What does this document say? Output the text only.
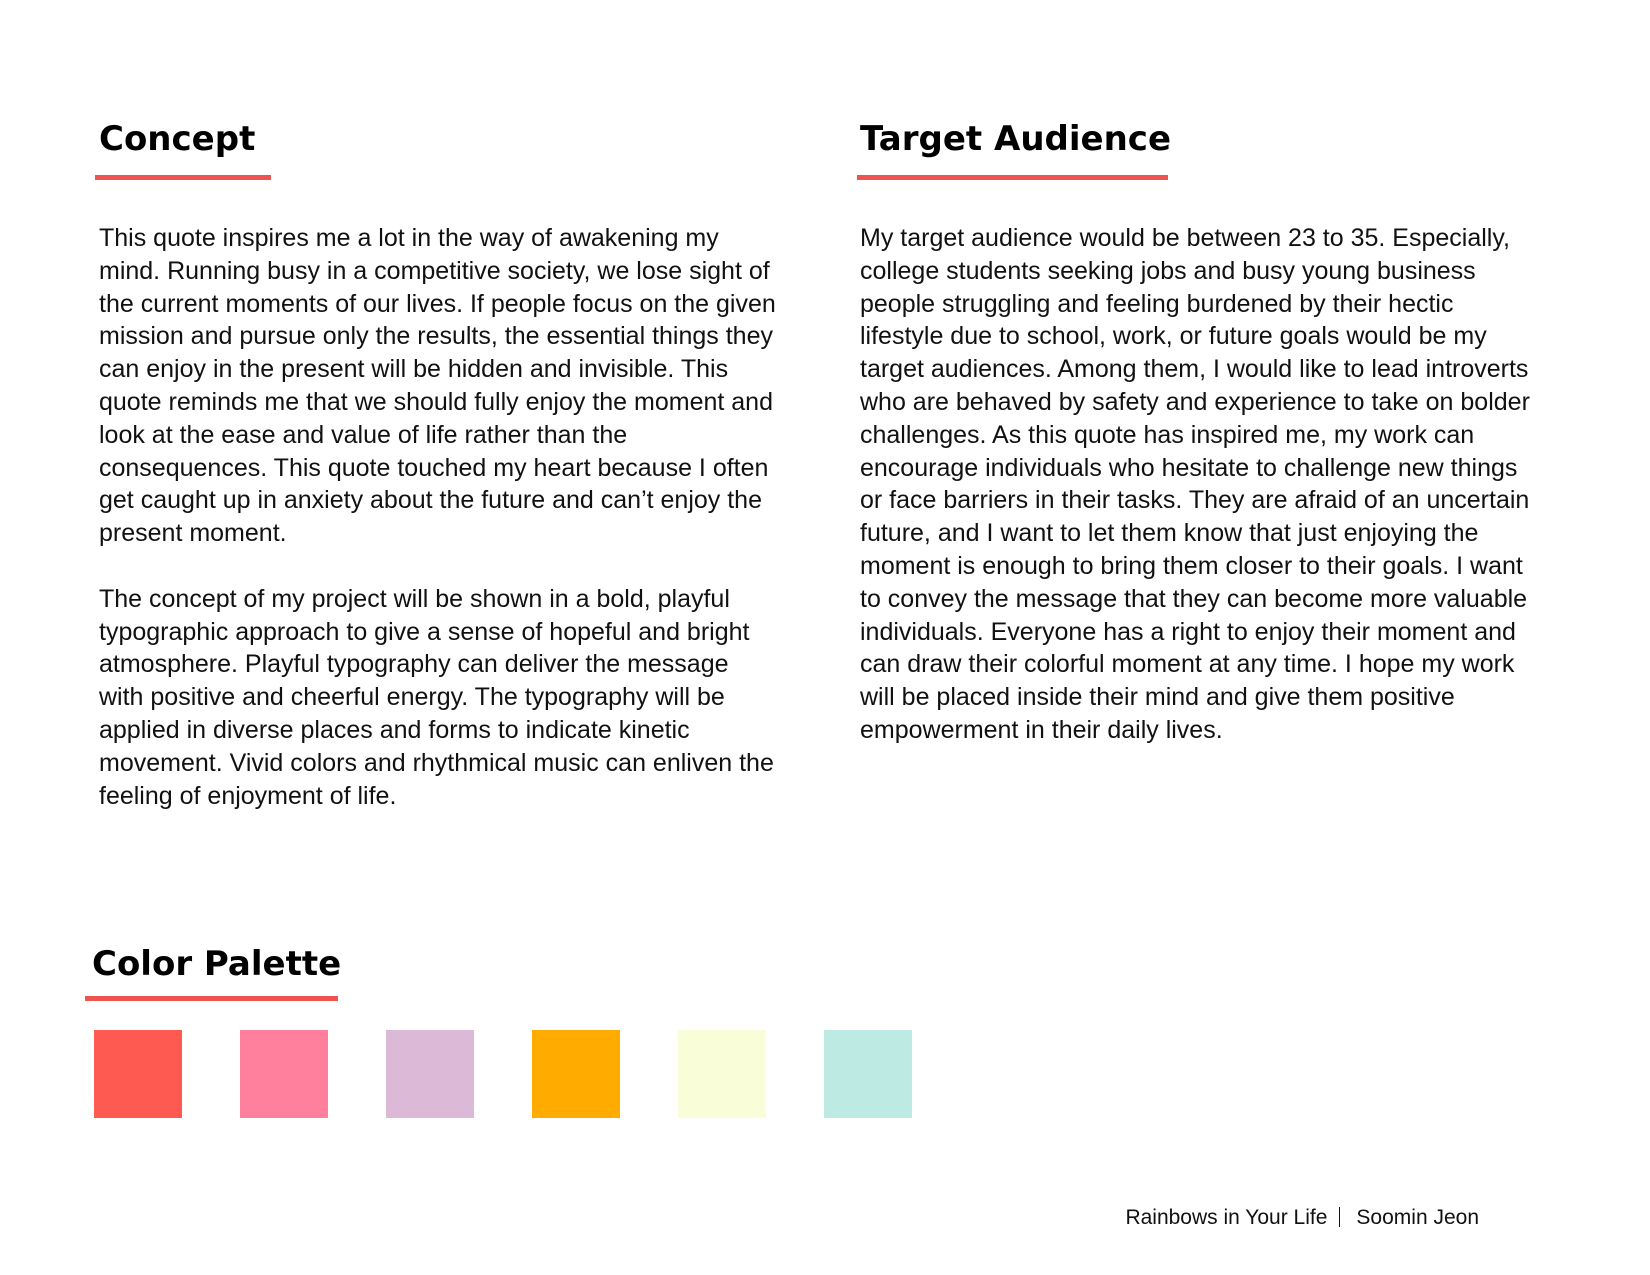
Concept

This quote inspires me a lot in the way of awakening my mind. Running busy in a competitive society, we lose sight of the current moments of our lives. If people focus on the given mission and pursue only the results, the essential things they can enjoy in the present will be hidden and invisible. This quote reminds me that we should fully enjoy the moment and look at the ease and value of life rather than the consequences. This quote touched my heart because I often get caught up in anxiety about the future and can’t enjoy the present moment.

The concept of my project will be shown in a bold, playful typographic approach to give a sense of hopeful and bright atmosphere. Playful typography can deliver the message with positive and cheerful energy. The typography will be applied in diverse places and forms to indicate kinetic movement. Vivid colors and rhythmical music can enliven the feeling of enjoyment of life.

Target Audience

My target audience would be between 23 to 35. Especially, college students seeking jobs and busy young business people struggling and feeling burdened by their hectic lifestyle due to school, work, or future goals would be my target audiences. Among them, I would like to lead introverts who are behaved by safety and experience to take on bolder challenges. As this quote has inspired me, my work can encourage individuals who hesitate to challenge new things or face barriers in their tasks. They are afraid of an uncertain future, and I want to let them know that just enjoying the moment is enough to bring them closer to their goals. I want to convey the message that they can become more valuable individuals. Everyone has a right to enjoy their moment and can draw their colorful moment at any time. I hope my work will be placed inside their mind and give them positive empowerment in their daily lives.

Color Palette
Rainbows in Your Life Soomin Jeon
